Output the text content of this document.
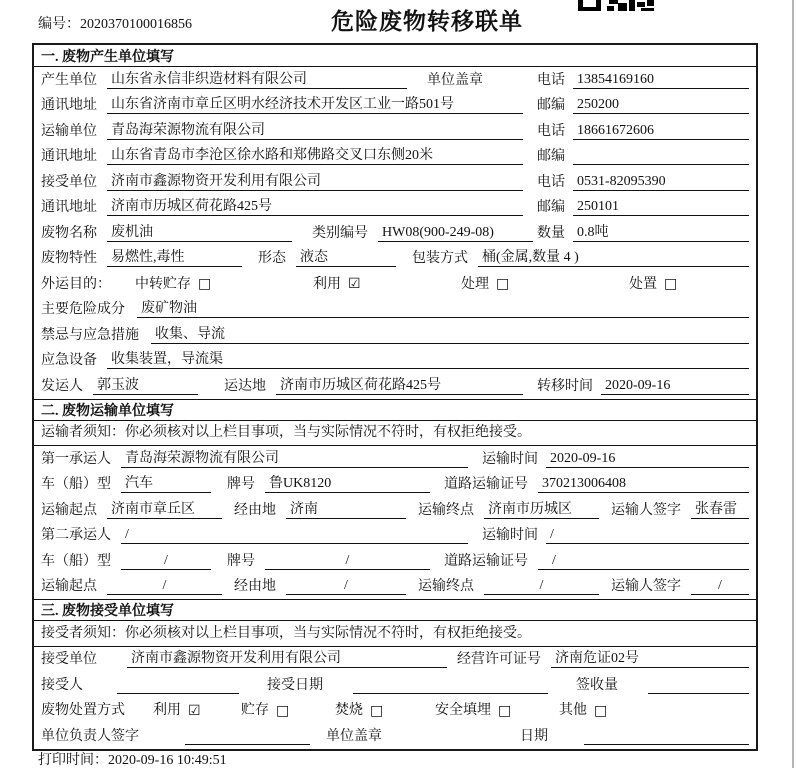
编号：2020370100016856	危险废物转移联单
一. 废物产生单位填写
产生单位 山东省永信非织造材料有限公司	单位盖章	电话 13854169160
通讯地址 山东省济南市章丘区明水经济技术开发区工业一路501号	邮编 250200
运输单位 青岛海荣源物流有限公司	电话 18661672606
通讯地址 山东省青岛市李沧区徐水路和郑佛路交叉口东侧20米	邮编
接受单位 济南市鑫源物资开发利用有限公司	电话 0531-82095390
通讯地址 济南市历城区荷花路425号	邮编 250101
废物名称 废机油	类别编号 HW08(900-249-08)	数量 0.8吨
废物特性 易燃性,毒性	形态 液态	包装方式 桶(金属,数量 4 )
外运目的： 中转贮存 □	利用 ☑	处理 □	处置 □
主要危险成分 废矿物油
禁忌与应急措施 收集、导流
应急设备 收集装置，导流渠
发运人 郭玉波	运达地 济南市历城区荷花路425号	转移时间 2020-09-16
二. 废物运输单位填写
运输者须知：你必须核对以上栏目事项，当与实际情况不符时，有权拒绝接受。
第一承运人 青岛海荣源物流有限公司	运输时间 2020-09-16
车（船）型 汽车	牌号 鲁UK8120	道路运输证号 370213006408
运输起点 济南市章丘区	经由地 济南	运输终点 济南市历城区	运输人签字 张春雷
第二承运人 /	运输时间 /
车（船）型	/	牌号	/	道路运输证号	/
运输起点	/	经由地	/	运输终点	/	运输人签字	/
三. 废物接受单位填写
接受者须知：你必须核对以上栏目事项，当与实际情况不符时，有权拒绝接受。
接受单位 济南市鑫源物资开发利用有限公司	经营许可证号 济南危证02号
接受人	接受日期	签收量
废物处置方式 利用 ☑	贮存 □	焚烧 □	安全填埋 □	其他 □
单位负责人签字	单位盖章	日期
打印时间：2020-09-16 10:49:51
